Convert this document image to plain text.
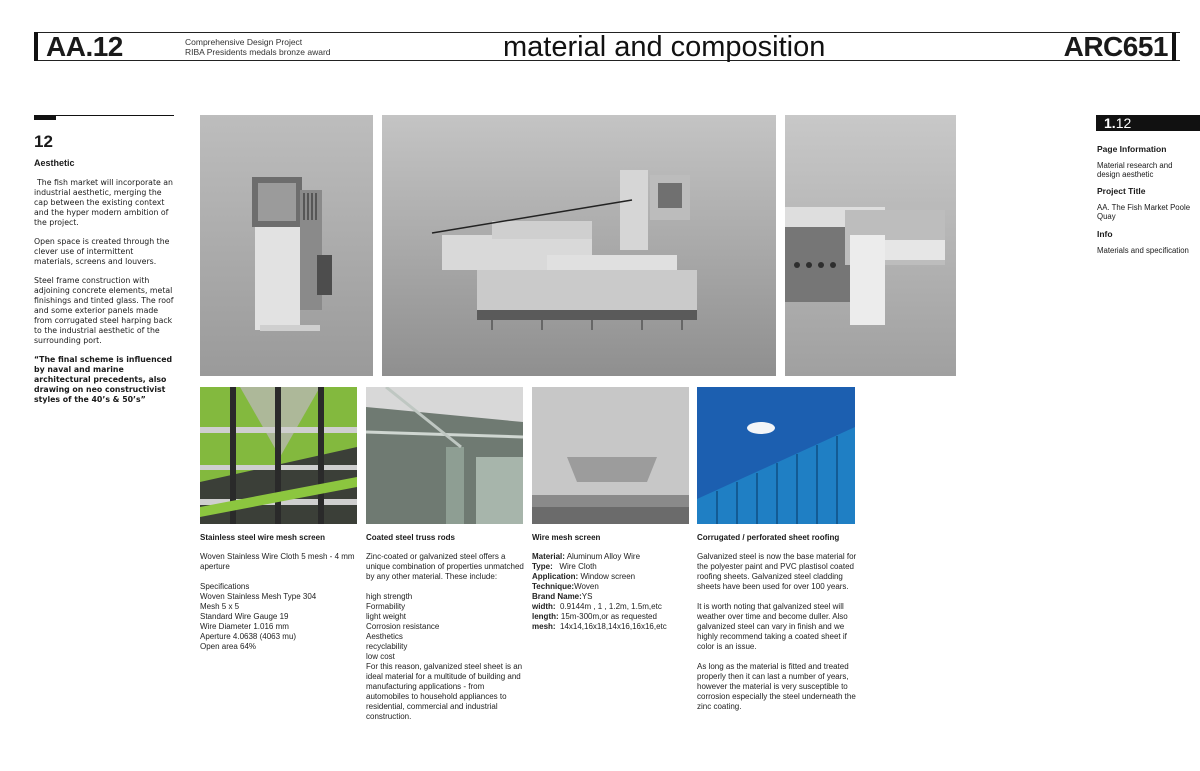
AA.12	Comprehensive Design Project
RIBA Presidents medals bronze award	material and composition	ARC651
12
Aesthetic

The fish market will incorporate an industrial aesthetic, merging the cap between the existing context and the hyper modern ambition of the project.

Open space is created through the clever use of intermittent materials, screens and louvers.

Steel frame construction with adjoining concrete elements, metal finishings and tinted glass. The roof and some exterior panels made from corrugated steel harping back to the industrial aesthetic of the surrounding port.

“The final scheme is influenced by naval and marine architectural precedents, also drawing on neo constructivist styles of the 40’s & 50’s”

1.12
Page Information
Material research and design aesthetic
Project Title
AA. The Fish Market Poole Quay
Info
Materials and specification
Stainless steel wire mesh screen

Woven Stainless Wire Cloth 5 mesh - 4 mm aperture

Specifications
Woven Stainless Mesh Type 304
Mesh 5 x 5
Standard Wire Gauge 19
Wire Diameter 1.016 mm
Aperture 4.0638 (4063 mu)
Open area 64%
Coated steel truss rods

Zinc-coated or galvanized steel offers a unique combination of properties unmatched by any other material. These include:

high strength
Formability
light weight
Corrosion resistance
Aesthetics
recyclability
low cost
For this reason, galvanized steel sheet is an ideal material for a multitude of building and manufacturing applications - from automobiles to household appliances to residential, commercial and industrial construction.
Wire mesh screen
Material: Aluminum Alloy Wire
Type:   Wire Cloth
Application: Window screen
Technique:Woven
Brand Name:YS
width:  0.9144m , 1 , 1.2m, 1.5m,etc
length: 15m-300m,or as requested
mesh:  14x14,16x18,14x16,16x16,etc
Corrugated / perforated sheet roofing

Galvanized steel is now the base material for the polyester paint and PVC plastisol coated roofing sheets. Galvanized steel cladding sheets have been used for over 100 years.

It is worth noting that galvanized steel will weather over time and become duller. Also galvanized steel can vary in finish and we highly recommend taking a coated sheet if color is an issue.

As long as the material is fitted and treated properly then it can last a number of years, however the material is very susceptible to corrosion especially the steel underneath the zinc coating.
